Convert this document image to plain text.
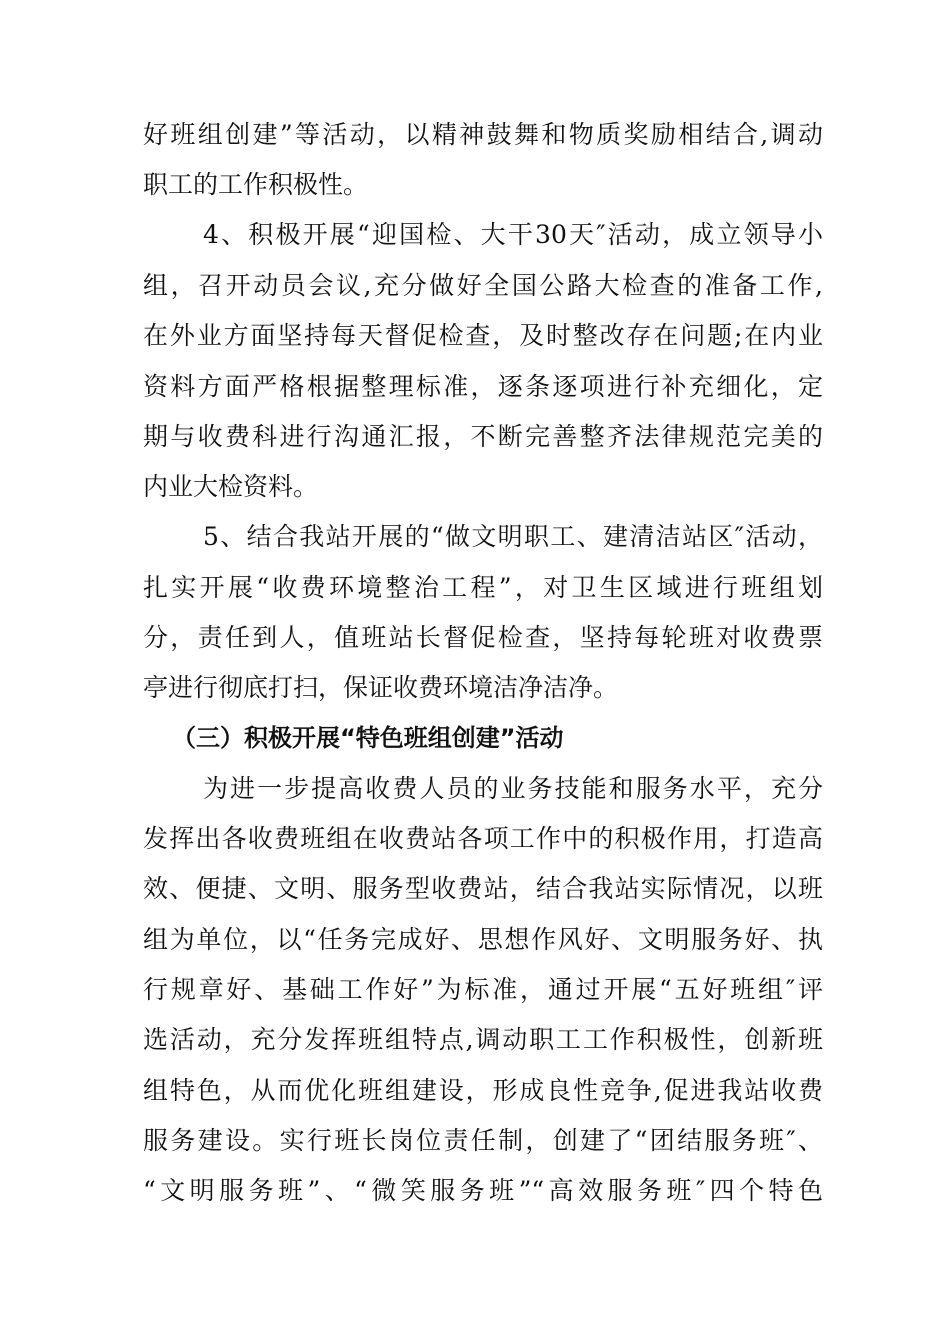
好班组创建”等活动，以精神鼓舞和物质奖励相结合,调动
职工的工作积极性。
4、积极开展“迎国检、大干30天″活动，成立领导小
组，召开动员会议,充分做好全国公路大检查的准备工作,
在外业方面坚持每天督促检查，及时整改存在问题;在内业
资料方面严格根据整理标准，逐条逐项进行补充细化，定
期与收费科进行沟通汇报，不断完善整齐法律规范完美的
内业大检资料。
5、结合我站开展的“做文明职工、建清洁站区″活动，
扎实开展“收费环境整治工程”，对卫生区域进行班组划
分，责任到人，值班站长督促检查，坚持每轮班对收费票
亭进行彻底打扫，保证收费环境洁净洁净。
（三）积极开展“特色班组创建”活动
为进一步提高收费人员的业务技能和服务水平，充分
发挥出各收费班组在收费站各项工作中的积极作用，打造高
效、便捷、文明、服务型收费站，结合我站实际情况，以班
组为单位，以“任务完成好、思想作风好、文明服务好、执
行规章好、基础工作好”为标准，通过开展“五好班组″评
选活动，充分发挥班组特点,调动职工工作积极性，创新班
组特色，从而优化班组建设，形成良性竞争,促进我站收费
服务建设。实行班长岗位责任制，创建了“团结服务班″、
“文明服务班”、“微笑服务班”“高效服务班″四个特色
